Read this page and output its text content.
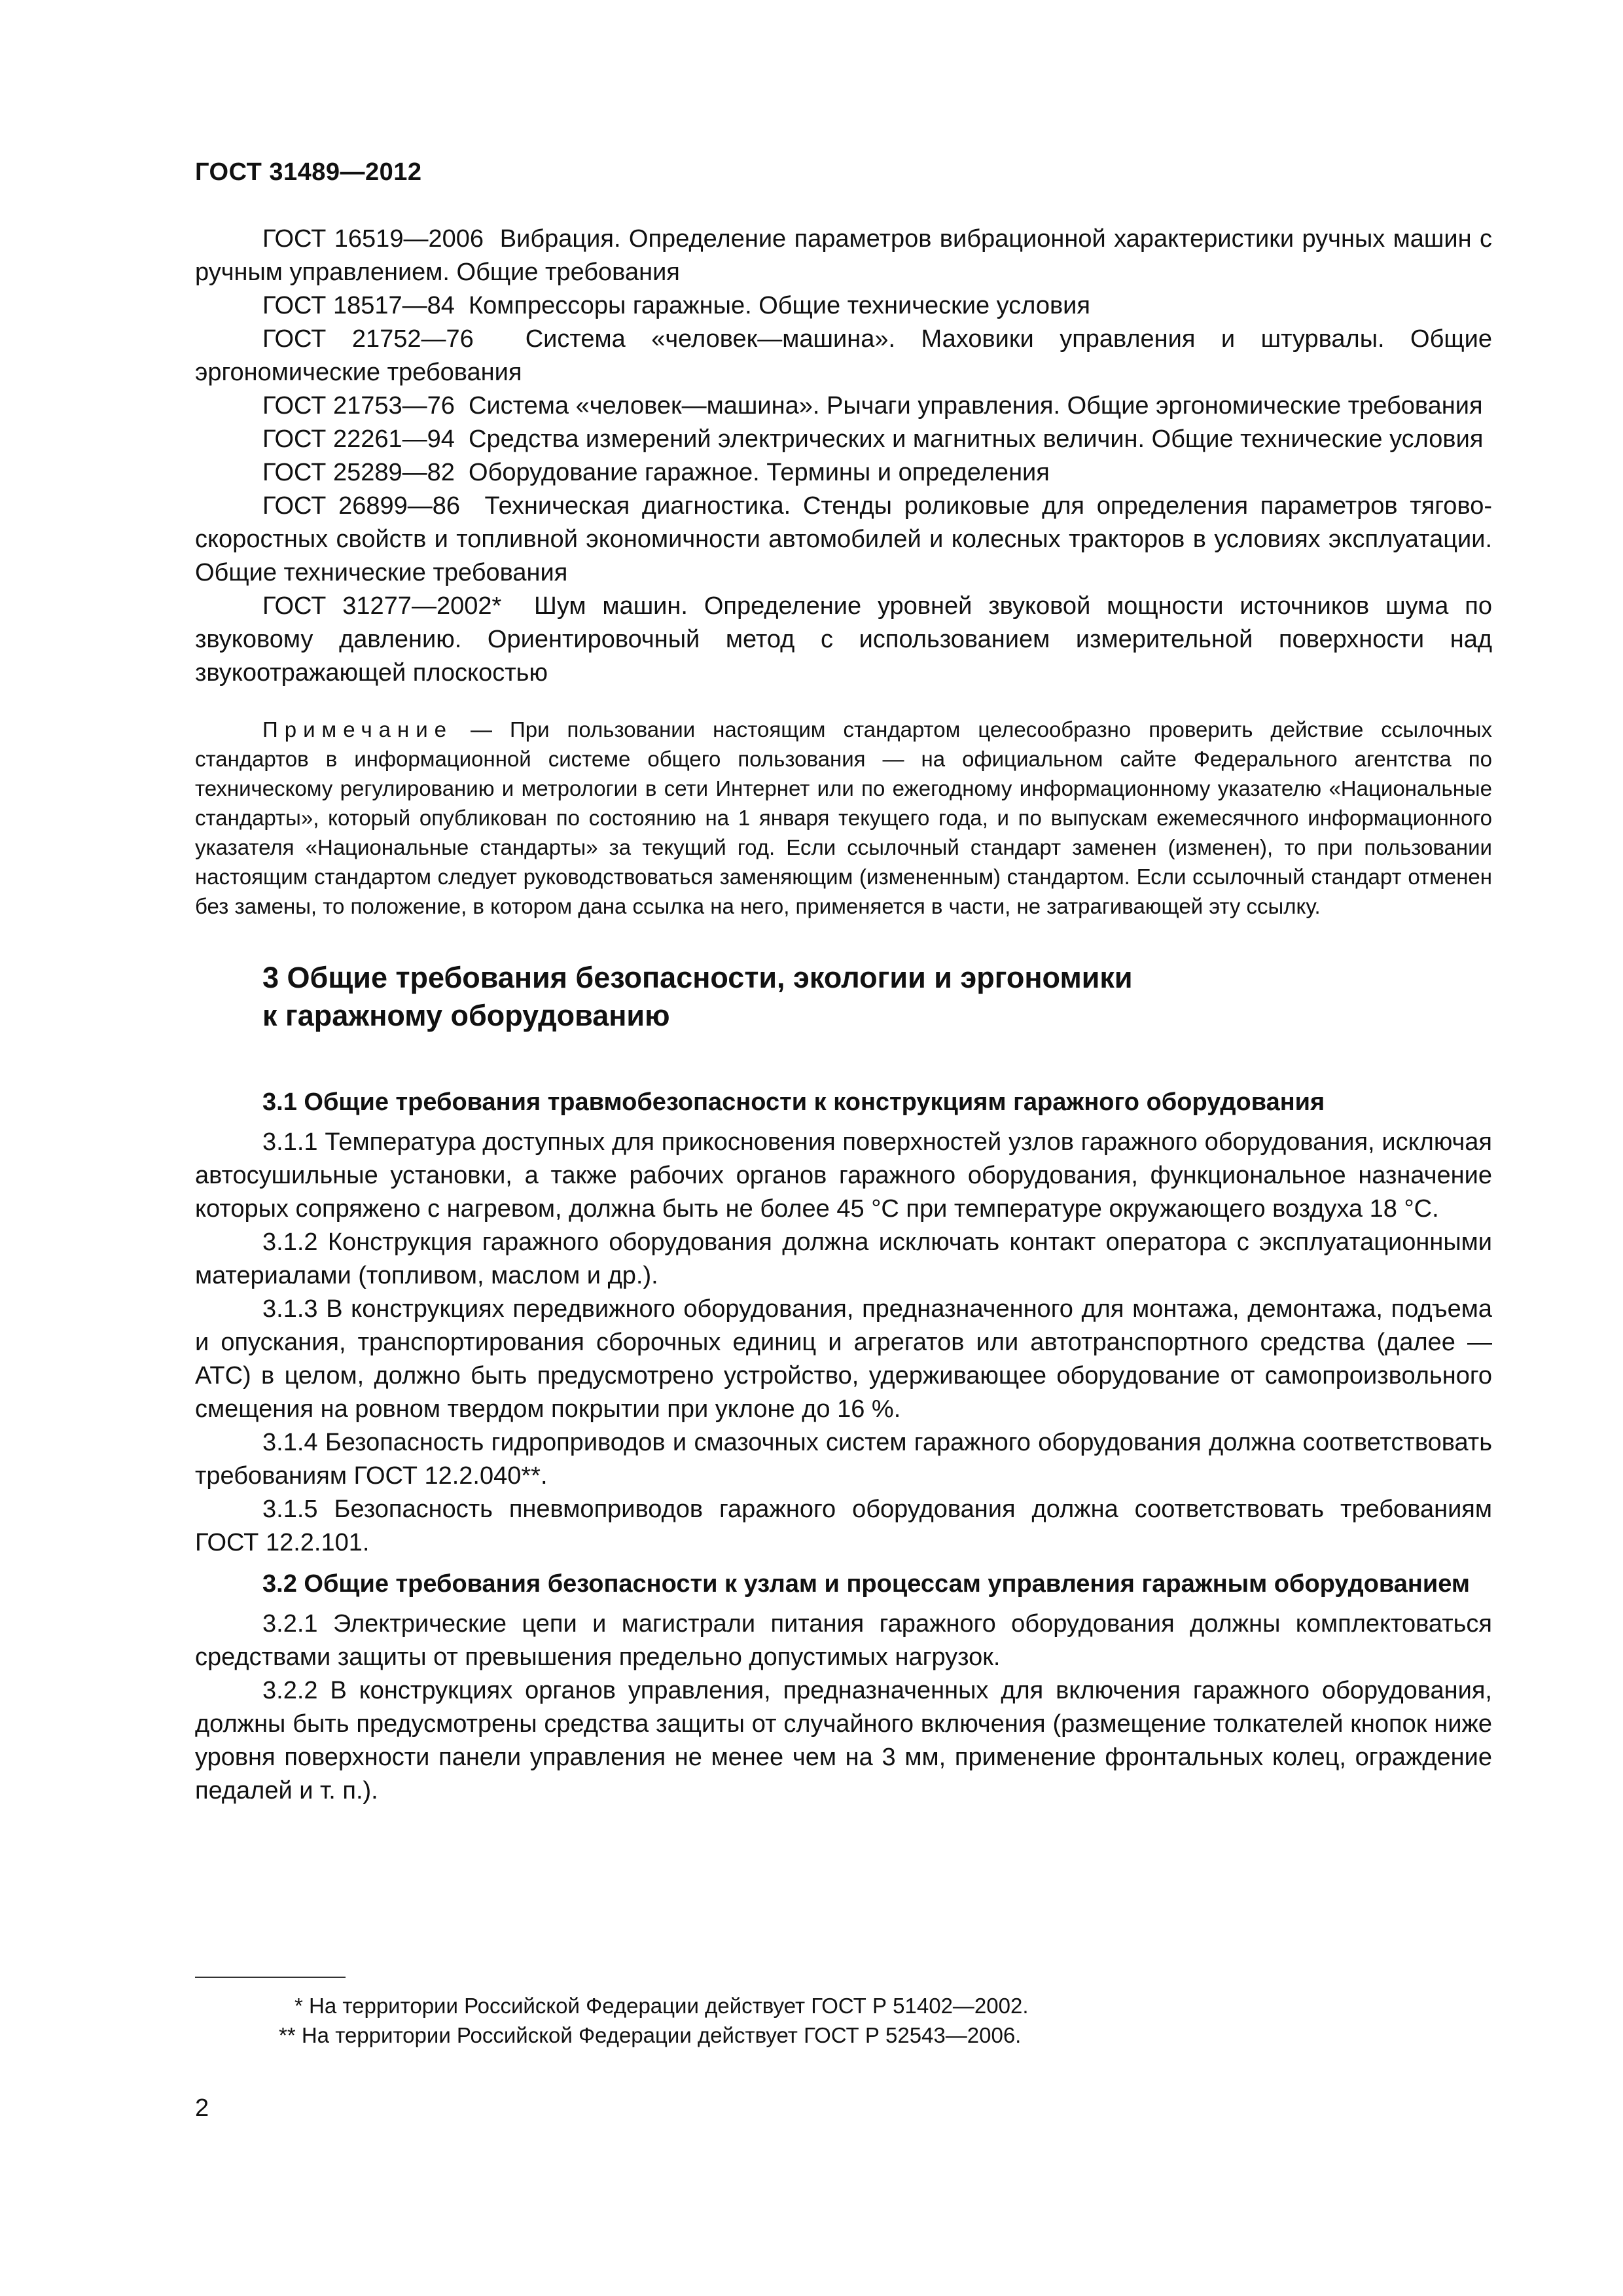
ГОСТ 31489—2012

ГОСТ 16519—2006 Вибрация. Определение параметров вибрационной характеристики ручных машин с ручным управлением. Общие требования

ГОСТ 18517—84 Компрессоры гаражные. Общие технические условия

ГОСТ 21752—76 Система «человек—машина». Маховики управления и штурвалы. Общие эргономические требования

ГОСТ 21753—76 Система «человек—машина». Рычаги управления. Общие эргономические требования

ГОСТ 22261—94 Средства измерений электрических и магнитных величин. Общие технические условия

ГОСТ 25289—82 Оборудование гаражное. Термины и определения

ГОСТ 26899—86 Техническая диагностика. Стенды роликовые для определения параметров тягово-скоростных свойств и топливной экономичности автомобилей и колесных тракторов в условиях эксплуатации. Общие технические требования

ГОСТ 31277—2002* Шум машин. Определение уровней звуковой мощности источников шума по звуковому давлению. Ориентировочный метод с использованием измерительной поверхности над звукоотражающей плоскостью

Примечание — При пользовании настоящим стандартом целесообразно проверить действие ссылочных стандартов в информационной системе общего пользования — на официальном сайте Федерального агентства по техническому регулированию и метрологии в сети Интернет или по ежегодному информационному указателю «Национальные стандарты», который опубликован по состоянию на 1 января текущего года, и по выпускам ежемесячного информационного указателя «Национальные стандарты» за текущий год. Если ссылочный стандарт заменен (изменен), то при пользовании настоящим стандартом следует руководствоваться заменяющим (измененным) стандартом. Если ссылочный стандарт отменен без замены, то положение, в котором дана ссылка на него, применяется в части, не затрагивающей эту ссылку.

3 Общие требования безопасности, экологии и эргономики
к гаражному оборудованию
3.1 Общие требования травмобезопасности к конструкциям гаражного оборудования

3.1.1 Температура доступных для прикосновения поверхностей узлов гаражного оборудования, исключая автосушильные установки, а также рабочих органов гаражного оборудования, функциональное назначение которых сопряжено с нагревом, должна быть не более 45 °С при температуре окружающего воздуха 18 °С.

3.1.2 Конструкция гаражного оборудования должна исключать контакт оператора с эксплуатационными материалами (топливом, маслом и др.).

3.1.3 В конструкциях передвижного оборудования, предназначенного для монтажа, демонтажа, подъема и опускания, транспортирования сборочных единиц и агрегатов или автотранспортного средства (далее — АТС) в целом, должно быть предусмотрено устройство, удерживающее оборудование от самопроизвольного смещения на ровном твердом покрытии при уклоне до 16 %.

3.1.4 Безопасность гидроприводов и смазочных систем гаражного оборудования должна соответствовать требованиям ГОСТ 12.2.040**.

3.1.5 Безопасность пневмоприводов гаражного оборудования должна соответствовать требованиям ГОСТ 12.2.101.

3.2 Общие требования безопасности к узлам и процессам управления гаражным оборудованием

3.2.1 Электрические цепи и магистрали питания гаражного оборудования должны комплектоваться средствами защиты от превышения предельно допустимых нагрузок.

3.2.2 В конструкциях органов управления, предназначенных для включения гаражного оборудования, должны быть предусмотрены средства защиты от случайного включения (размещение толкателей кнопок ниже уровня поверхности панели управления не менее чем на 3 мм, применение фронтальных колец, ограждение педалей и т. п.).

* На территории Российской Федерации действует ГОСТ Р 51402—2002.

** На территории Российской Федерации действует ГОСТ Р 52543—2006.

2
